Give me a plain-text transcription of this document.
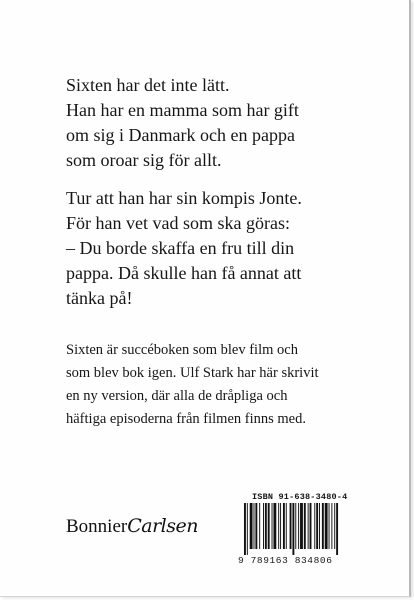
Sixten har det inte lätt.
Han har en mamma som har gift
om sig i Danmark och en pappa
som oroar sig för allt.
Tur att han har sin kompis Jonte.
För han vet vad som ska göras:
– Du borde skaffa en fru till din
pappa. Då skulle han få annat att
tänka på!
Sixten är succéboken som blev film och
som blev bok igen. Ulf Stark har här skrivit
en ny version, där alla de dråpliga och
häftiga episoderna från filmen finns med.
BonnierCarlsen
ISBN 91-638-3480-4
9 789163 834806
